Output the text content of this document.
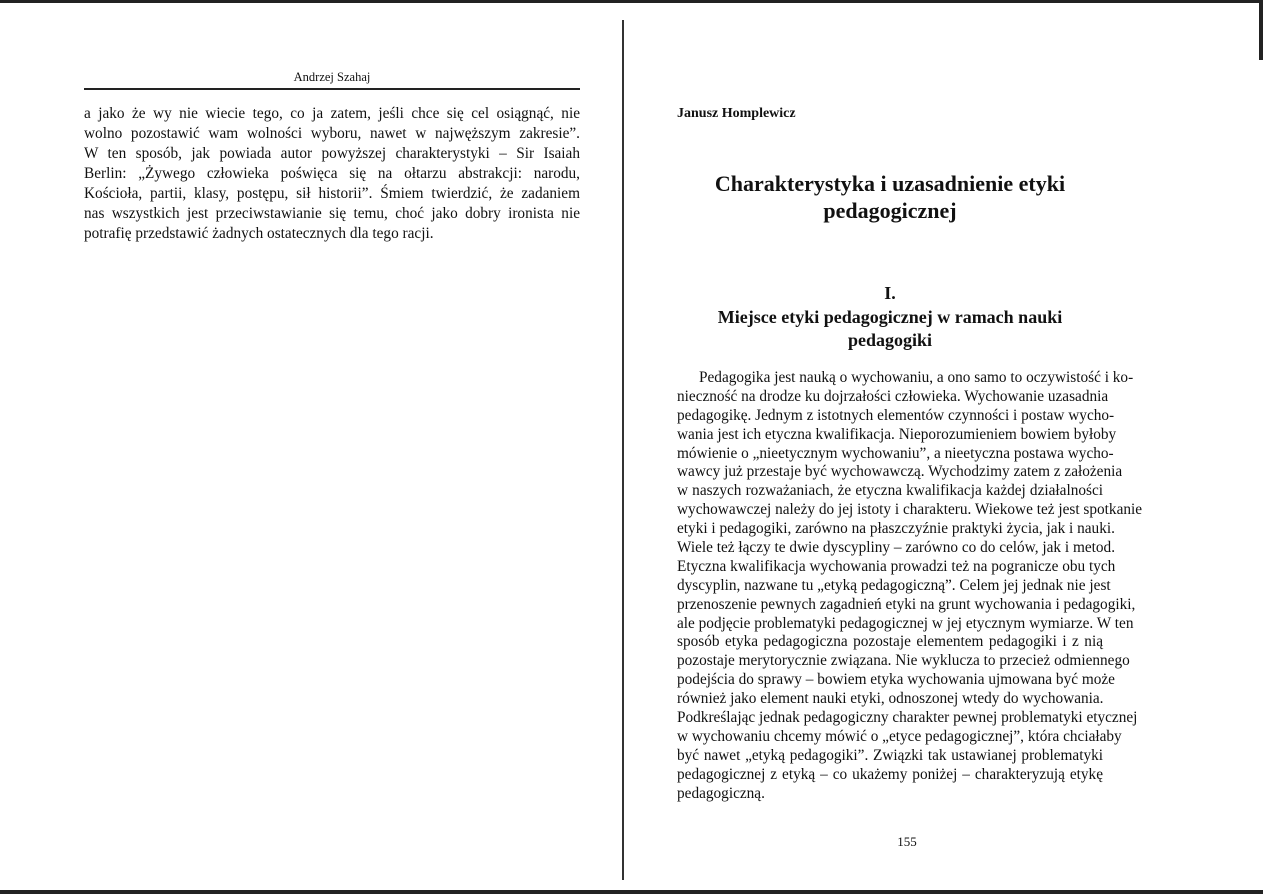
Andrzej Szahaj
a jako że wy nie wiecie tego, co ja zatem, jeśli chce się cel osiągnąć, nie
wolno pozostawić wam wolności wyboru, nawet w najwęższym zakresie”.
W ten sposób, jak powiada autor powyższej charakterystyki – Sir Isaiah
Berlin: „Żywego człowieka poświęca się na ołtarzu abstrakcji: narodu,
Kościoła, partii, klasy, postępu, sił historii”. Śmiem twierdzić, że zadaniem
nas wszystkich jest przeciwstawianie się temu, choć jako dobry ironista nie
potrafię przedstawić żadnych ostatecznych dla tego racji.
Janusz Homplewicz
Charakterystyka i uzasadnienie etyki
pedagogicznej
I.
Miejsce etyki pedagogicznej w ramach nauki
pedagogiki
Pedagogika jest nauką o wychowaniu, a ono samo to oczywistość i ko-
nieczność na drodze ku dojrzałości człowieka. Wychowanie uzasadnia
pedagogikę. Jednym z istotnych elementów czynności i postaw wycho-
wania jest ich etyczna kwalifikacja. Nieporozumieniem bowiem byłoby
mówienie o „nieetycznym wychowaniu”, a nieetyczna postawa wycho-
wawcy już przestaje być wychowawczą. Wychodzimy zatem z założenia
w naszych rozważaniach, że etyczna kwalifikacja każdej działalności
wychowawczej należy do jej istoty i charakteru. Wiekowe też jest spotkanie
etyki i pedagogiki, zarówno na płaszczyźnie praktyki życia, jak i nauki.
Wiele też łączy te dwie dyscypliny – zarówno co do celów, jak i metod.
Etyczna kwalifikacja wychowania prowadzi też na pogranicze obu tych
dyscyplin, nazwane tu „etyką pedagogiczną”. Celem jej jednak nie jest
przenoszenie pewnych zagadnień etyki na grunt wychowania i pedagogiki,
ale podjęcie problematyki pedagogicznej w jej etycznym wymiarze. W ten
sposób etyka pedagogiczna pozostaje elementem pedagogiki i z nią
pozostaje merytorycznie związana. Nie wyklucza to przecież odmiennego
podejścia do sprawy – bowiem etyka wychowania ujmowana być może
również jako element nauki etyki, odnoszonej wtedy do wychowania.
Podkreślając jednak pedagogiczny charakter pewnej problematyki etycznej
w wychowaniu chcemy mówić o „etyce pedagogicznej”, która chciałaby
być nawet „etyką pedagogiki”. Związki tak ustawianej problematyki
pedagogicznej z etyką – co ukażemy poniżej – charakteryzują etykę
pedagogiczną.
155
